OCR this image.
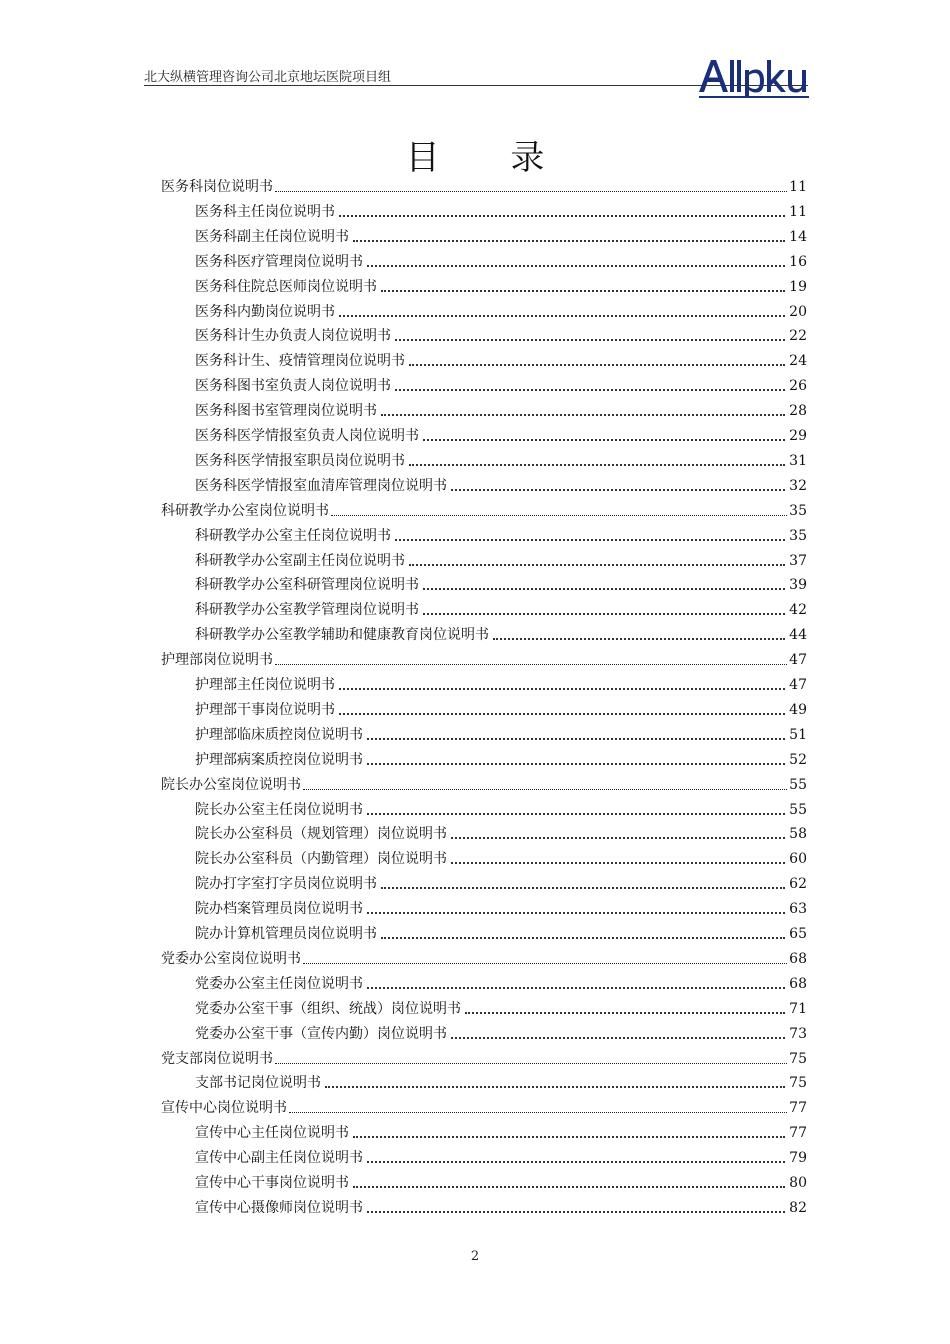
北大纵横管理咨询公司北京地坛医院项目组
目 录
医务科岗位说明书	11
医务科主任岗位说明书	11
医务科副主任岗位说明书	14
医务科医疗管理岗位说明书	16
医务科住院总医师岗位说明书	19
医务科内勤岗位说明书	20
医务科计生办负责人岗位说明书	22
医务科计生、疫情管理岗位说明书	24
医务科图书室负责人岗位说明书	26
医务科图书室管理岗位说明书	28
医务科医学情报室负责人岗位说明书	29
医务科医学情报室职员岗位说明书	31
医务科医学情报室血清库管理岗位说明书	32
科研教学办公室岗位说明书	35
科研教学办公室主任岗位说明书	35
科研教学办公室副主任岗位说明书	37
科研教学办公室科研管理岗位说明书	39
科研教学办公室教学管理岗位说明书	42
科研教学办公室教学辅助和健康教育岗位说明书	44
护理部岗位说明书	47
护理部主任岗位说明书	47
护理部干事岗位说明书	49
护理部临床质控岗位说明书	51
护理部病案质控岗位说明书	52
院长办公室岗位说明书	55
院长办公室主任岗位说明书	55
院长办公室科员（规划管理）岗位说明书	58
院长办公室科员（内勤管理）岗位说明书	60
院办打字室打字员岗位说明书	62
院办档案管理员岗位说明书	63
院办计算机管理员岗位说明书	65
党委办公室岗位说明书	68
党委办公室主任岗位说明书	68
党委办公室干事（组织、统战）岗位说明书	71
党委办公室干事（宣传内勤）岗位说明书	73
党支部岗位说明书	75
支部书记岗位说明书	75
宣传中心岗位说明书	77
宣传中心主任岗位说明书	77
宣传中心副主任岗位说明书	79
宣传中心干事岗位说明书	80
宣传中心摄像师岗位说明书	82
2
